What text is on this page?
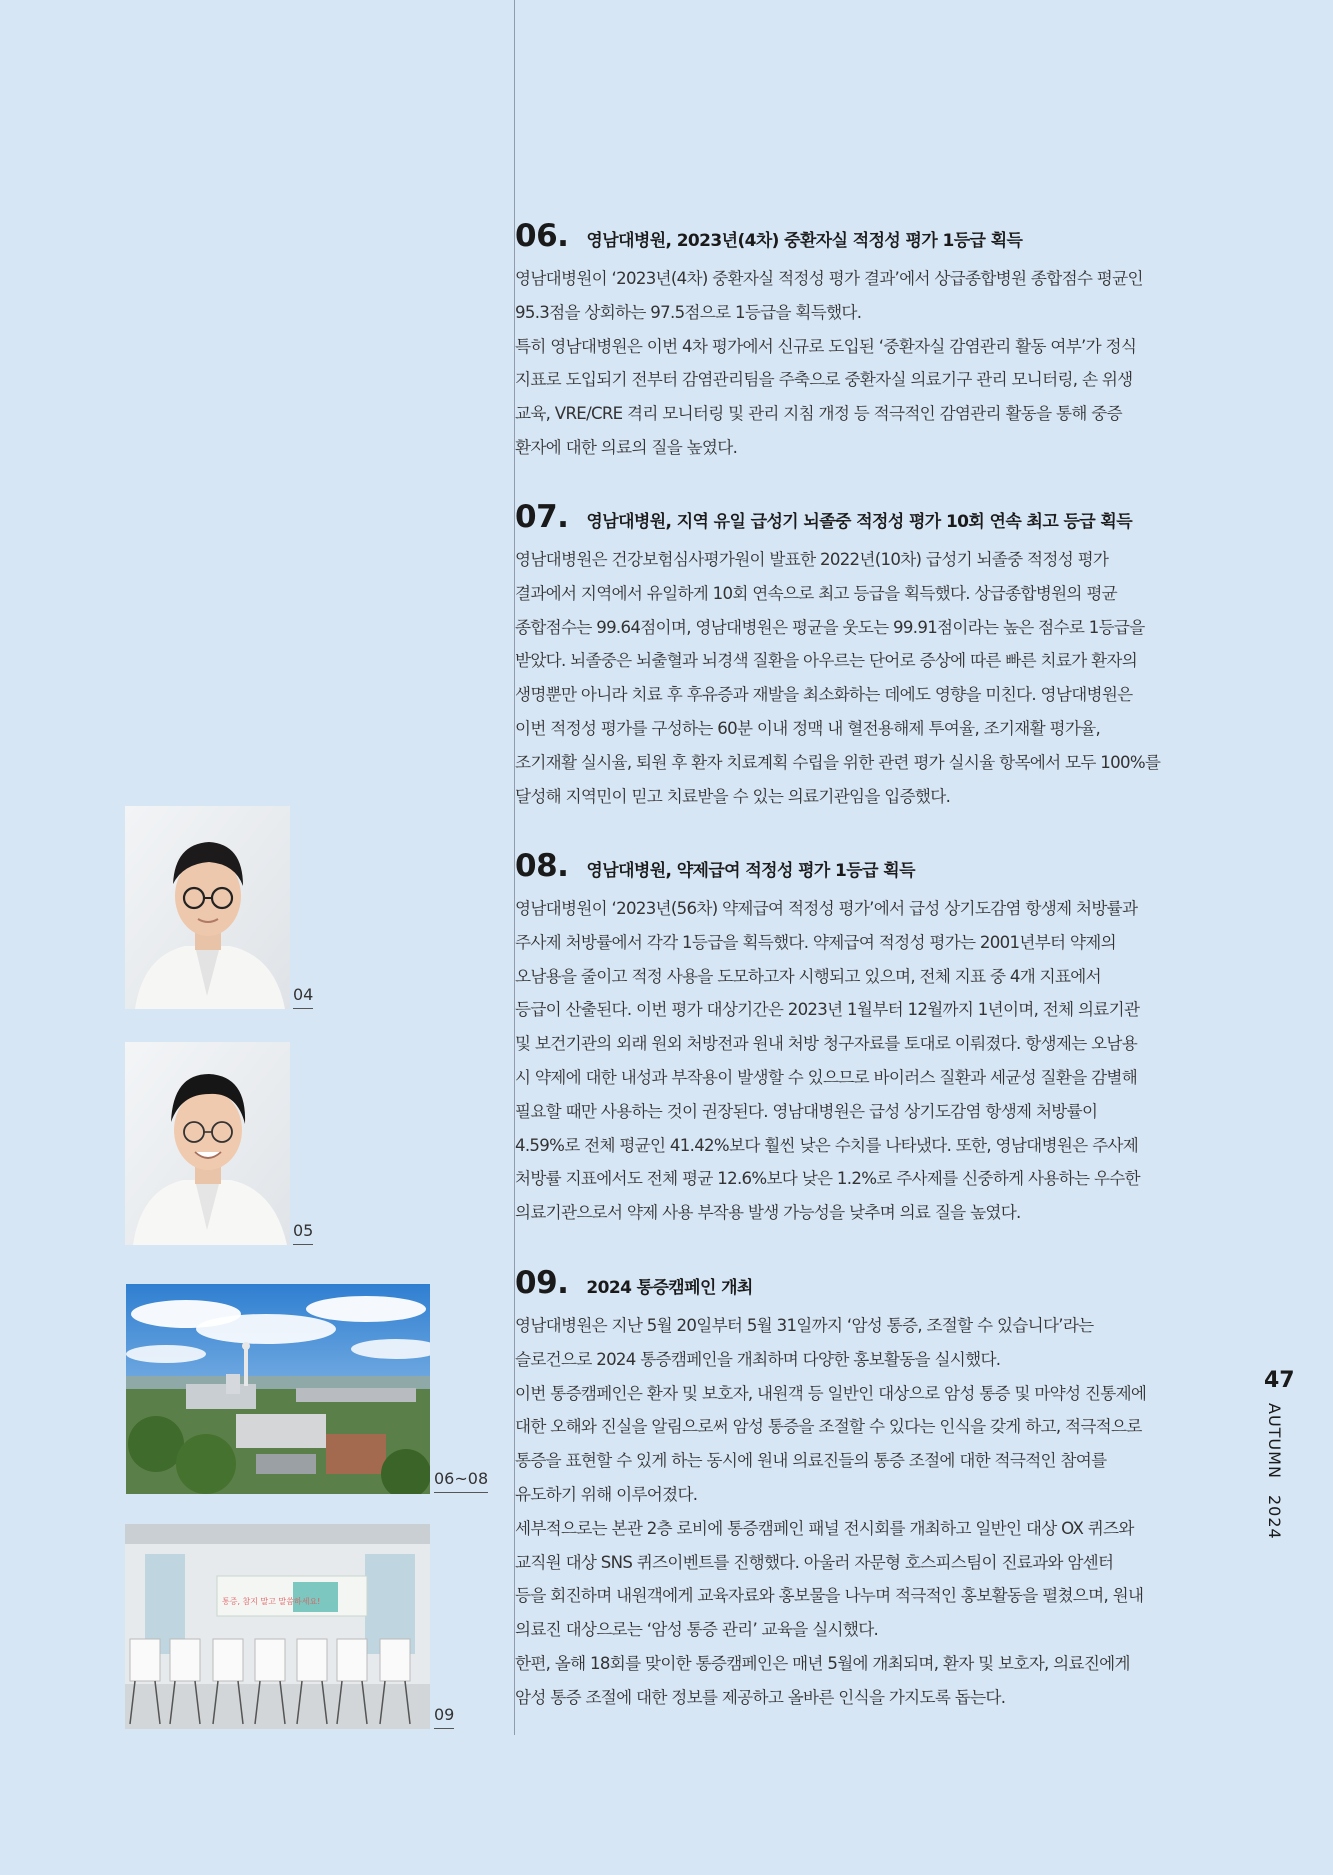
06. 영남대병원, 2023년(4차) 중환자실 적정성 평가 1등급 획득

영남대병원이 ‘2023년(4차) 중환자실 적정성 평가 결과’에서 상급종합병원 종합점수 평균인

95.3점을 상회하는 97.5점으로 1등급을 획득했다.

특히 영남대병원은 이번 4차 평가에서 신규로 도입된 ‘중환자실 감염관리 활동 여부’가 정식

지표로 도입되기 전부터 감염관리팀을 주축으로 중환자실 의료기구 관리 모니터링, 손 위생

교육, VRE/CRE 격리 모니터링 및 관리 지침 개정 등 적극적인 감염관리 활동을 통해 중증

환자에 대한 의료의 질을 높였다.

07. 영남대병원, 지역 유일 급성기 뇌졸중 적정성 평가 10회 연속 최고 등급 획득

영남대병원은 건강보험심사평가원이 발표한 2022년(10차) 급성기 뇌졸중 적정성 평가

결과에서 지역에서 유일하게 10회 연속으로 최고 등급을 획득했다. 상급종합병원의 평균

종합점수는 99.64점이며, 영남대병원은 평균을 웃도는 99.91점이라는 높은 점수로 1등급을

받았다. 뇌졸중은 뇌출혈과 뇌경색 질환을 아우르는 단어로 증상에 따른 빠른 치료가 환자의

생명뿐만 아니라 치료 후 후유증과 재발을 최소화하는 데에도 영향을 미친다. 영남대병원은

이번 적정성 평가를 구성하는 60분 이내 정맥 내 혈전용해제 투여율, 조기재활 평가율,

조기재활 실시율, 퇴원 후 환자 치료계획 수립을 위한 관련 평가 실시율 항목에서 모두 100%를

달성해 지역민이 믿고 치료받을 수 있는 의료기관임을 입증했다.

08. 영남대병원, 약제급여 적정성 평가 1등급 획득

영남대병원이 ‘2023년(56차) 약제급여 적정성 평가’에서 급성 상기도감염 항생제 처방률과

주사제 처방률에서 각각 1등급을 획득했다. 약제급여 적정성 평가는 2001년부터 약제의

오남용을 줄이고 적정 사용을 도모하고자 시행되고 있으며, 전체 지표 중 4개 지표에서

등급이 산출된다. 이번 평가 대상기간은 2023년 1월부터 12월까지 1년이며, 전체 의료기관

및 보건기관의 외래 원외 처방전과 원내 처방 청구자료를 토대로 이뤄졌다. 항생제는 오남용

시 약제에 대한 내성과 부작용이 발생할 수 있으므로 바이러스 질환과 세균성 질환을 감별해

필요할 때만 사용하는 것이 권장된다. 영남대병원은 급성 상기도감염 항생제 처방률이

4.59%로 전체 평균인 41.42%보다 훨씬 낮은 수치를 나타냈다. 또한, 영남대병원은 주사제

처방률 지표에서도 전체 평균 12.6%보다 낮은 1.2%로 주사제를 신중하게 사용하는 우수한

의료기관으로서 약제 사용 부작용 발생 가능성을 낮추며 의료 질을 높였다.

09. 2024 통증캠페인 개최

영남대병원은 지난 5월 20일부터 5월 31일까지 ‘암성 통증, 조절할 수 있습니다’라는

슬로건으로 2024 통증캠페인을 개최하며 다양한 홍보활동을 실시했다.

이번 통증캠페인은 환자 및 보호자, 내원객 등 일반인 대상으로 암성 통증 및 마약성 진통제에

대한 오해와 진실을 알림으로써 암성 통증을 조절할 수 있다는 인식을 갖게 하고, 적극적으로

통증을 표현할 수 있게 하는 동시에 원내 의료진들의 통증 조절에 대한 적극적인 참여를

유도하기 위해 이루어졌다.

세부적으로는 본관 2층 로비에 통증캠페인 패널 전시회를 개최하고 일반인 대상 OX 퀴즈와

교직원 대상 SNS 퀴즈이벤트를 진행했다. 아울러 자문형 호스피스팀이 진료과와 암센터

등을 회진하며 내원객에게 교육자료와 홍보물을 나누며 적극적인 홍보활동을 펼쳤으며, 원내

의료진 대상으로는 ‘암성 통증 관리’ 교육을 실시했다.

한편, 올해 18회를 맞이한 통증캠페인은 매년 5월에 개최되며, 환자 및 보호자, 의료진에게

암성 통증 조절에 대한 정보를 제공하고 올바른 인식을 가지도록 돕는다.

04
05
06~08
통증, 참지 말고 말씀하세요!
09
47
AUTUMN 2024
